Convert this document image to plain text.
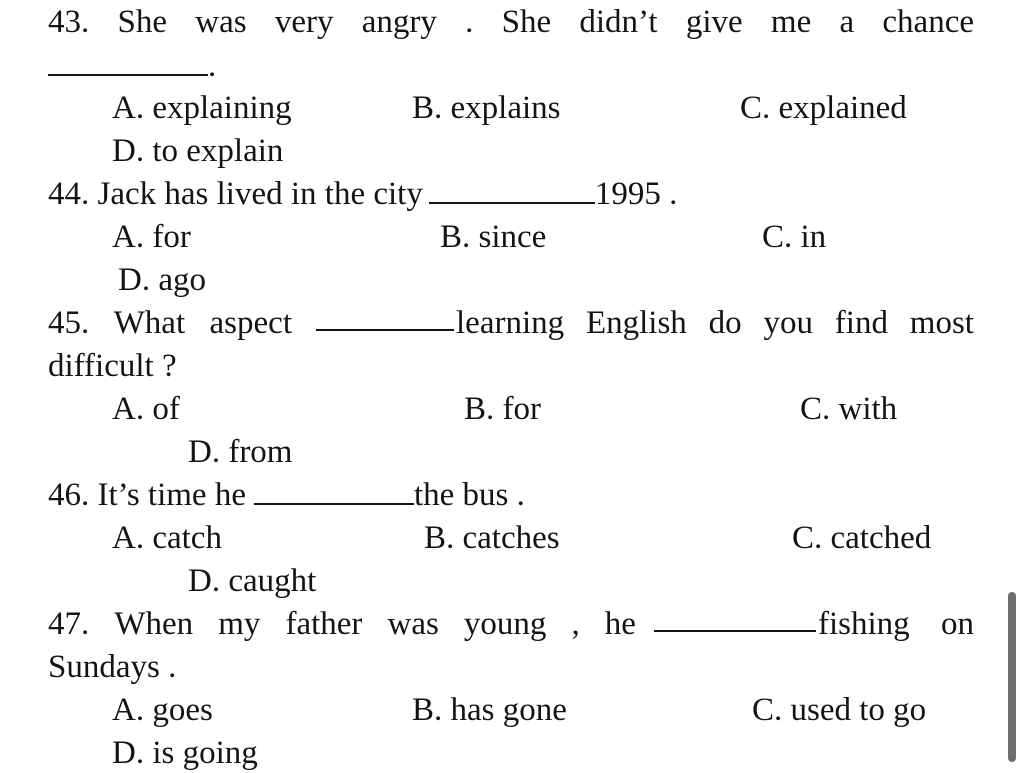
43. She was very angry . She didn’t give me a chance
.
A. explaining	B. explains	C. explained
D. to explain
44. Jack has lived in the city	1995 .
A. for	B. since	C. in
D. ago
45. What aspect	learning English do you find most
difficult ?
A. of	B. for	C. with
D. from
46. It’s time he	the bus .
A. catch	B. catches	C. catched
D. caught
47. When my father was young , he	fishing on
Sundays .
A. goes	B. has gone	C. used to go
D. is going
